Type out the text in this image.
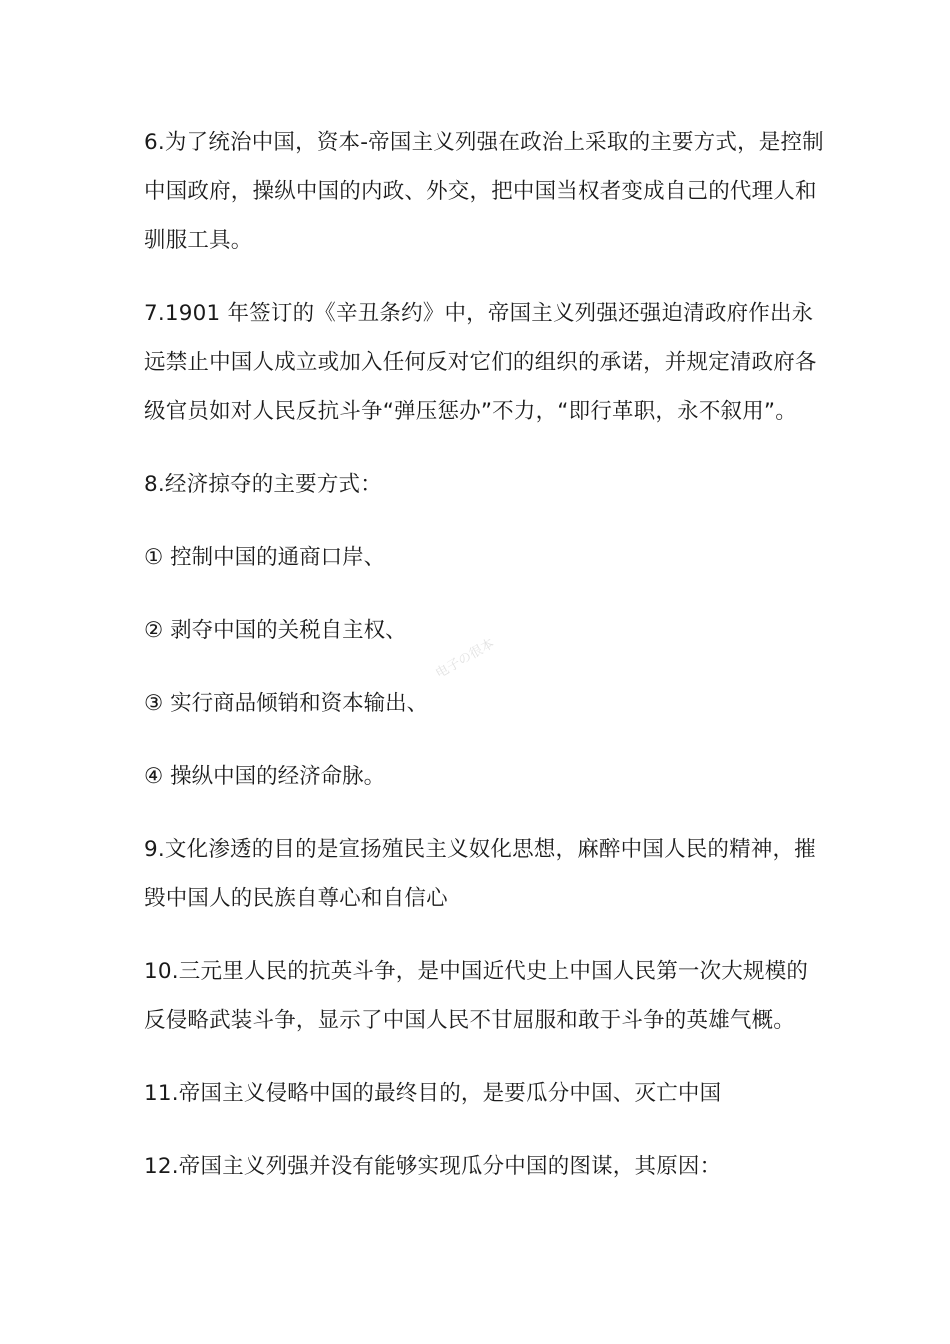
6.为了统治中国，资本-帝国主义列强在政治上采取的主要方式，是控制
中国政府，操纵中国的内政、外交，把中国当权者变成自己的代理人和
驯服工具。
7.1901 年签订的《辛丑条约》中，帝国主义列强还强迫清政府作出永
远禁止中国人成立或加入任何反对它们的组织的承诺，并规定清政府各
级官员如对人民反抗斗争“弹压惩办”不力，“即行革职，永不叙用”。
8.经济掠夺的主要方式：
① 控制中国的通商口岸、
② 剥夺中国的关税自主权、
③ 实行商品倾销和资本输出、
④ 操纵中国的经济命脉。
9.文化渗透的目的是宣扬殖民主义奴化思想，麻醉中国人民的精神，摧
毁中国人的民族自尊心和自信心
10.三元里人民的抗英斗争，是中国近代史上中国人民第一次大规模的
反侵略武装斗争，显示了中国人民不甘屈服和敢于斗争的英雄气概。
11.帝国主义侵略中国的最终目的，是要瓜分中国、灭亡中国
12.帝国主义列强并没有能够实现瓜分中国的图谋，其原因：
电子の很本
